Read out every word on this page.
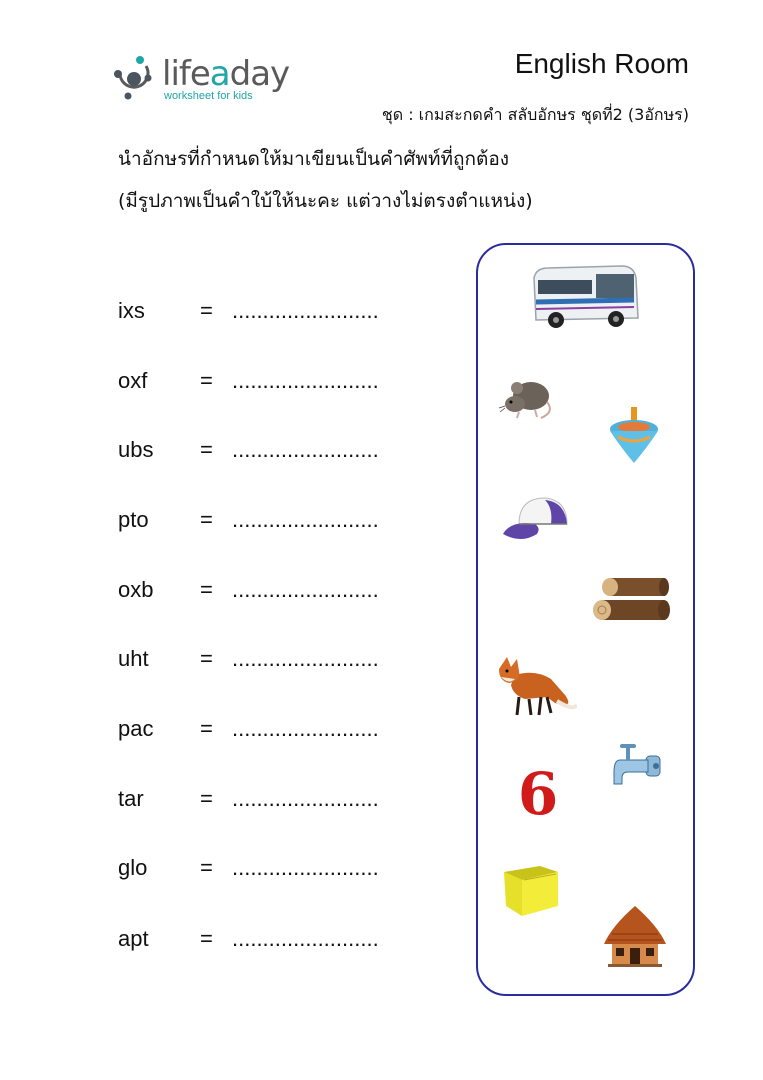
lifeaday
worksheet for kids
English Room
ชุด : เกมสะกดคำ สลับอักษร ชุดที่2 (3อักษร)
นำอักษรที่กำหนดให้มาเขียนเป็นคำศัพท์ที่ถูกต้อง
(มีรูปภาพเป็นคำใบ้ให้นะคะ แต่วางไม่ตรงตำแหน่ง)
ixs	= ........................
oxf = ........................
ubs = ........................
pto = ........................
oxb = ........................
uht = ........................
pac = ........................
tar	= ........................
glo = ........................
apt = ........................
6
